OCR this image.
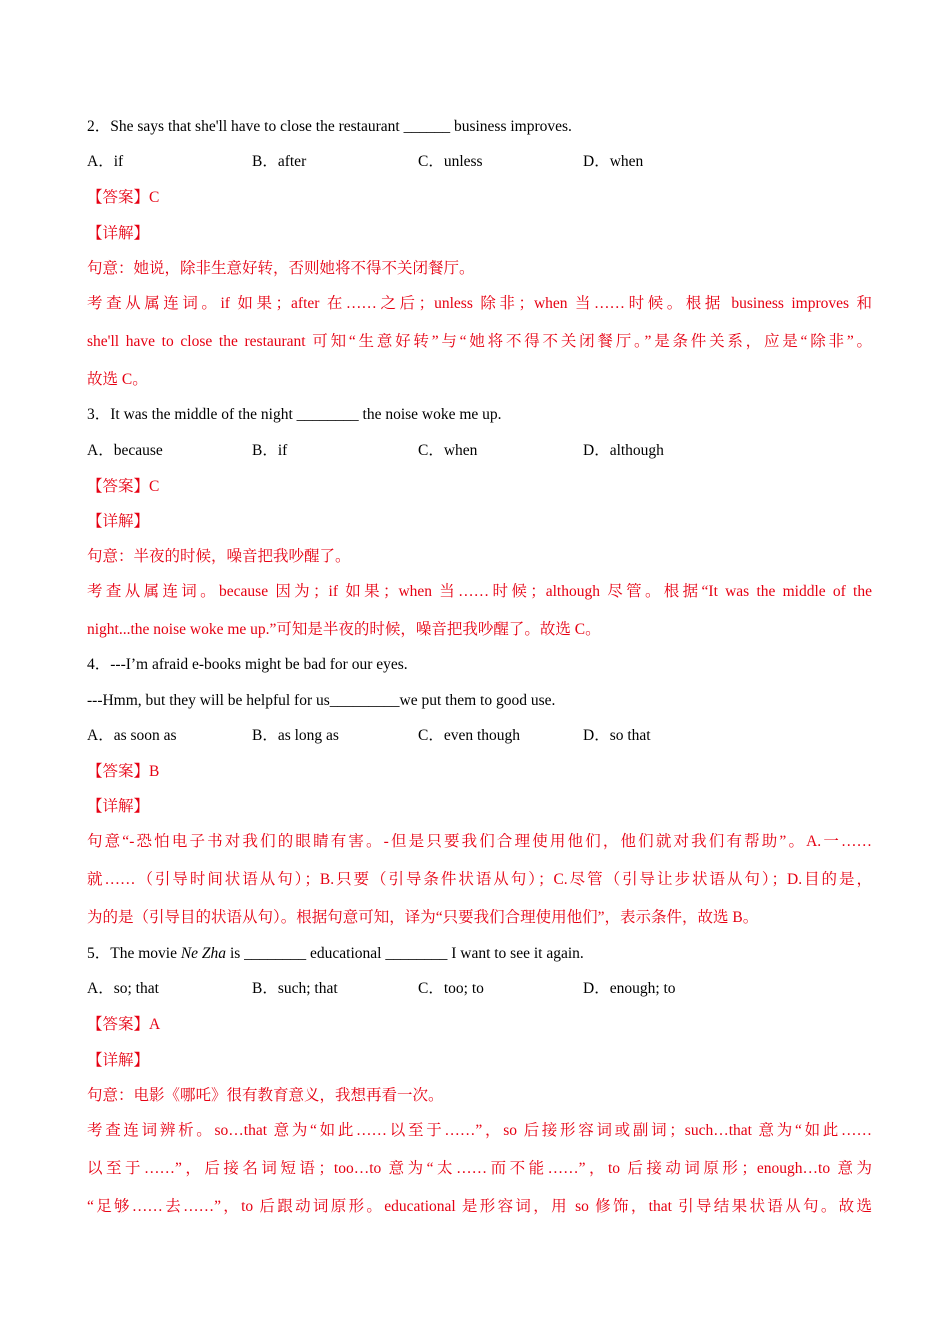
2．She says that she'll have to close the restaurant ______ business improves.
A．if	B．after	C．unless	D．when
【答案】C
【详解】
句意：她说，除非生意好转，否则她将不得不关闭餐厅。
考查从属连词。if 如果；after 在……之后；unless 除非；when 当……时候。根据 business improves 和
she'll have to close the restaurant 可知“生意好转”与“她将不得不关闭餐厅。”是条件关系，应是“除非”。
故选 C。
3．It was the middle of the night ________ the noise woke me up.
A．because	B．if	C．when	D．although
【答案】C
【详解】
句意：半夜的时候，噪音把我吵醒了。
考查从属连词。because 因为；if 如果；when 当……时候；although 尽管。根据“It was the middle of the
night...the noise woke me up.”可知是半夜的时候，噪音把我吵醒了。故选 C。
4．---I’m afraid e-books might be bad for our eyes.
---Hmm, but they will be helpful for us_________we put them to good use.
A．as soon as	B．as long as	C．even though	D．so that
【答案】B
【详解】
句意“-恐怕电子书对我们的眼睛有害。-但是只要我们合理使用他们，他们就对我们有帮助”。A.一……
就……（引导时间状语从句）；B.只要（引导条件状语从句）；C.尽管（引导让步状语从句）；D.目的是，
为的是（引导目的状语从句）。根据句意可知，译为“只要我们合理使用他们”，表示条件，故选 B。
5．The movie Ne Zha is ________ educational ________ I want to see it again.
A．so; that	B．such; that	C．too; to	D．enough; to
【答案】A
【详解】
句意：电影《哪吒》很有教育意义，我想再看一次。
考查连词辨析。so…that 意为“如此……以至于……”，so 后接形容词或副词；such…that 意为“如此……
以至于……”，后接名词短语；too…to 意为“太……而不能……”，to 后接动词原形；enough…to 意为
“足够……去……”，to 后跟动词原形。educational 是形容词，用 so 修饰，that 引导结果状语从句。故选
